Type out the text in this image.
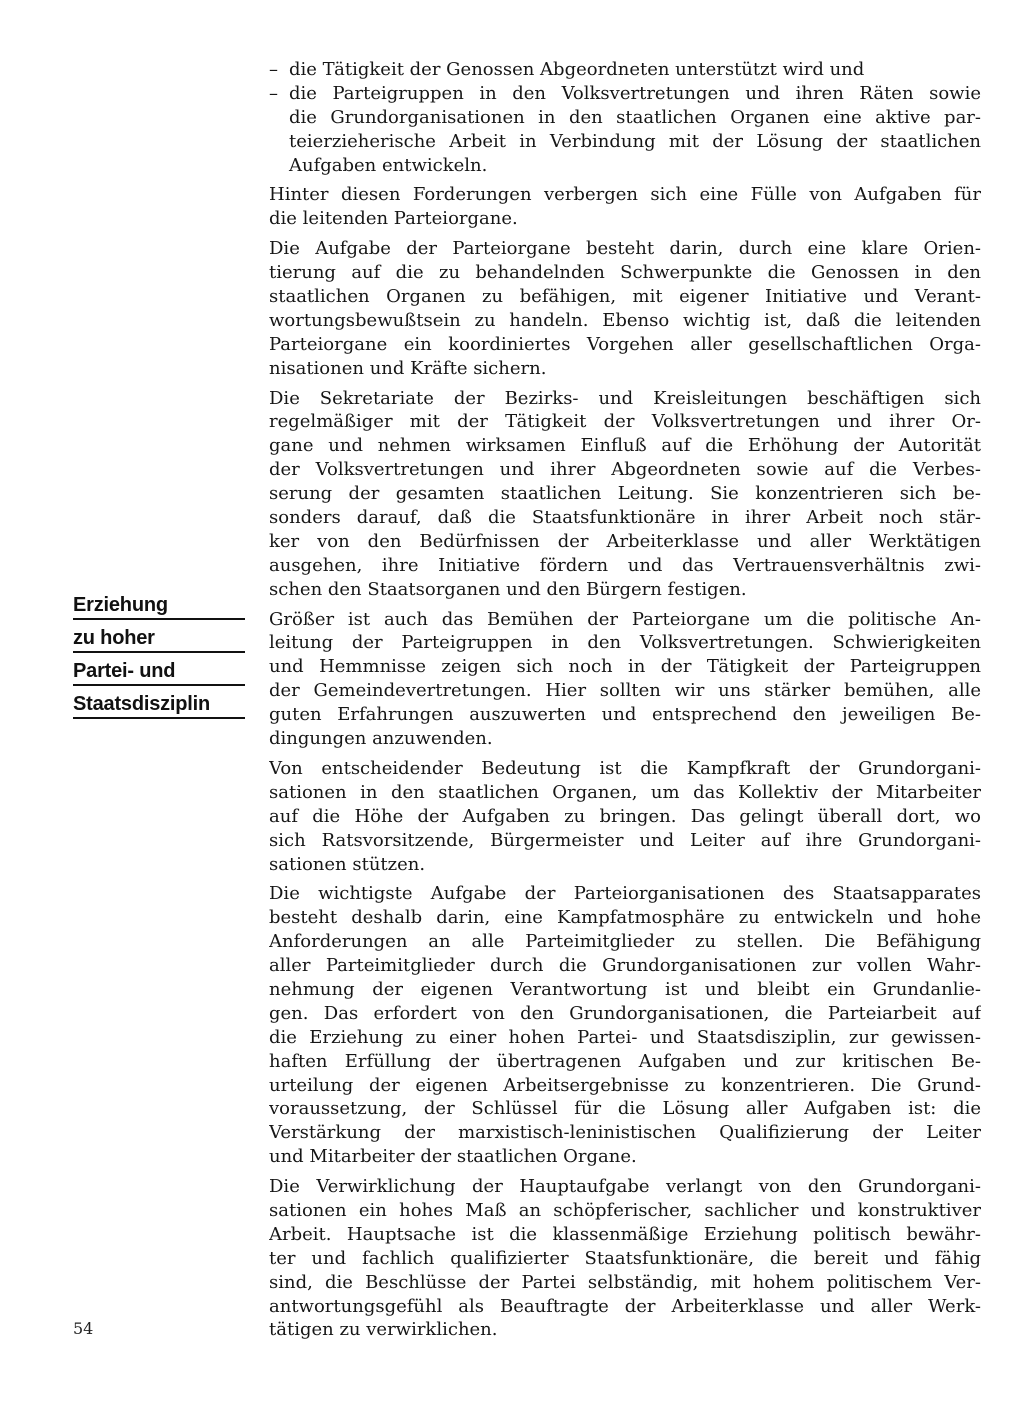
Erziehung
zu hoher
Partei- und
Staatsdisziplin
– die Tätigkeit der Genossen Abgeordneten unterstützt wird und
– die Parteigruppen in den Volksvertretungen und ihren Räten sowie
die Grundorganisationen in den staatlichen Organen eine aktive par-
teierzieherische Arbeit in Verbindung mit der Lösung der staatlichen
Aufgaben entwickeln.
Hinter diesen Forderungen verbergen sich eine Fülle von Aufgaben für
die leitenden Parteiorgane.
Die Aufgabe der Parteiorgane besteht darin, durch eine klare Orien-
tierung auf die zu behandelnden Schwerpunkte die Genossen in den
staatlichen Organen zu befähigen, mit eigener Initiative und Verant-
wortungsbewußtsein zu handeln. Ebenso wichtig ist, daß die leitenden
Parteiorgane ein koordiniertes Vorgehen aller gesellschaftlichen Orga-
nisationen und Kräfte sichern.
Die Sekretariate der Bezirks- und Kreisleitungen beschäftigen sich
regelmäßiger mit der Tätigkeit der Volksvertretungen und ihrer Or-
gane und nehmen wirksamen Einfluß auf die Erhöhung der Autorität
der Volksvertretungen und ihrer Abgeordneten sowie auf die Verbes-
serung der gesamten staatlichen Leitung. Sie konzentrieren sich be-
sonders darauf, daß die Staatsfunktionäre in ihrer Arbeit noch stär-
ker von den Bedürfnissen der Arbeiterklasse und aller Werktätigen
ausgehen, ihre Initiative fördern und das Vertrauensverhältnis zwi-
schen den Staatsorganen und den Bürgern festigen.
Größer ist auch das Bemühen der Parteiorgane um die politische An-
leitung der Parteigruppen in den Volksvertretungen. Schwierigkeiten
und Hemmnisse zeigen sich noch in der Tätigkeit der Parteigruppen
der Gemeindevertretungen. Hier sollten wir uns stärker bemühen, alle
guten Erfahrungen auszuwerten und entsprechend den jeweiligen Be-
dingungen anzuwenden.
Von entscheidender Bedeutung ist die Kampfkraft der Grundorgani-
sationen in den staatlichen Organen, um das Kollektiv der Mitarbeiter
auf die Höhe der Aufgaben zu bringen. Das gelingt überall dort, wo
sich Ratsvorsitzende, Bürgermeister und Leiter auf ihre Grundorgani-
sationen stützen.
Die wichtigste Aufgabe der Parteiorganisationen des Staatsapparates
besteht deshalb darin, eine Kampfatmosphäre zu entwickeln und hohe
Anforderungen an alle Parteimitglieder zu stellen. Die Befähigung
aller Parteimitglieder durch die Grundorganisationen zur vollen Wahr-
nehmung der eigenen Verantwortung ist und bleibt ein Grundanlie-
gen. Das erfordert von den Grundorganisationen, die Parteiarbeit auf
die Erziehung zu einer hohen Partei- und Staatsdisziplin, zur gewissen-
haften Erfüllung der übertragenen Aufgaben und zur kritischen Be-
urteilung der eigenen Arbeitsergebnisse zu konzentrieren. Die Grund-
voraussetzung, der Schlüssel für die Lösung aller Aufgaben ist: die
Verstärkung der marxistisch-leninistischen Qualifizierung der Leiter
und Mitarbeiter der staatlichen Organe.
Die Verwirklichung der Hauptaufgabe verlangt von den Grundorgani-
sationen ein hohes Maß an schöpferischer, sachlicher und konstruktiver
Arbeit. Hauptsache ist die klassenmäßige Erziehung politisch bewähr-
ter und fachlich qualifizierter Staatsfunktionäre, die bereit und fähig
sind, die Beschlüsse der Partei selbständig, mit hohem politischem Ver-
antwortungsgefühl als Beauftragte der Arbeiterklasse und aller Werk-
tätigen zu verwirklichen.
54
